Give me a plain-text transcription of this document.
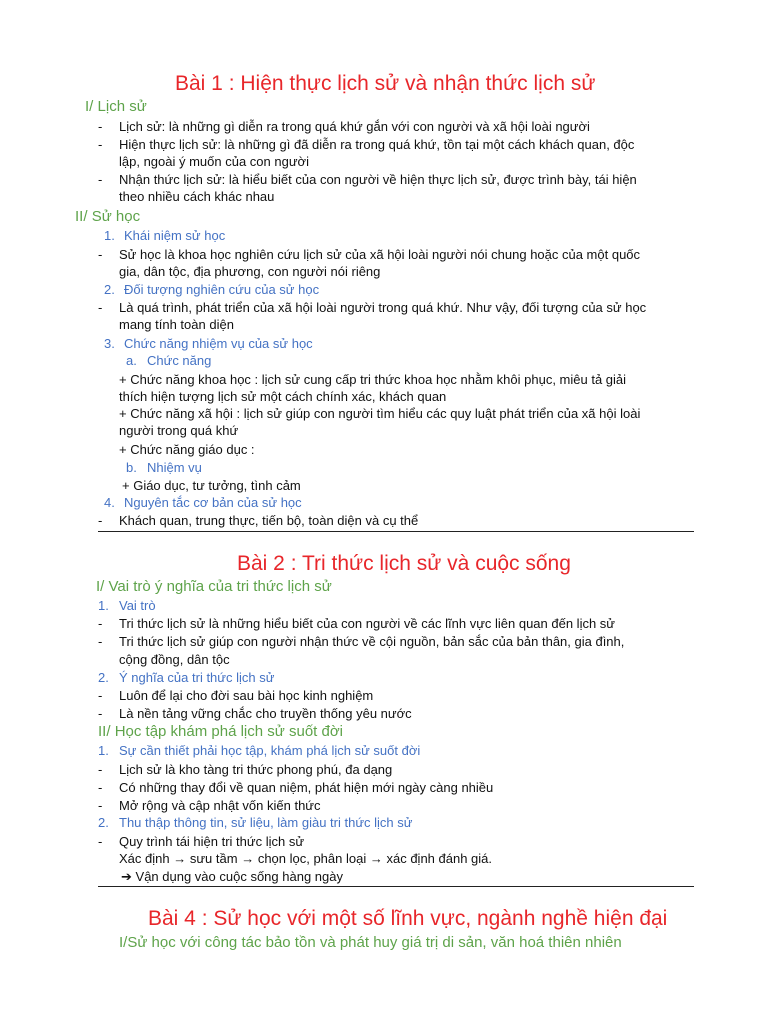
Bài 1 : Hiện thực lịch sử và nhận thức lịch sử
I/ Lịch sử
- Lịch sử: là những gì diễn ra trong quá khứ gắn với con người và xã hội loài người
- Hiện thực lịch sử: là những gì đã diễn ra trong quá khứ, tồn tại một cách khách quan, độc
lập, ngoài ý muốn của con người
- Nhận thức lịch sử: là hiểu biết của con người về hiện thực lịch sử, được trình bày, tái hiện
theo nhiều cách khác nhau
II/ Sử học
1. Khái niệm sử học
- Sử học là khoa học nghiên cứu lịch sử của xã hội loài người nói chung hoặc của một quốc
gia, dân tộc, địa phương, con người nói riêng
2. Đối tượng nghiên cứu của sử học
- Là quá trình, phát triển của xã hội loài người trong quá khứ. Như vậy, đối tượng của sử học
mang tính toàn diện
3. Chức năng nhiệm vụ của sử học
a. Chức năng
+ Chức năng khoa học : lịch sử cung cấp tri thức khoa học nhằm khôi phục, miêu tả giải
thích hiện tượng lịch sử một cách chính xác, khách quan
+ Chức năng xã hội : lịch sử giúp con người tìm hiểu các quy luật phát triển của xã hội loài
người trong quá khứ
+ Chức năng giáo dục :
b. Nhiệm vụ
+ Giáo dục, tư tưởng, tình cảm
4. Nguyên tắc cơ bản của sử học
- Khách quan, trung thực, tiến bộ, toàn diện và cụ thể
Bài 2 : Tri thức lịch sử và cuộc sống
I/ Vai trò ý nghĩa của tri thức lịch sử
1. Vai trò
- Tri thức lịch sử là những hiểu biết của con người về các lĩnh vực liên quan đến lịch sử
- Tri thức lịch sử giúp con người nhận thức về cội nguồn, bản sắc của bản thân, gia đình,
cộng đồng, dân tộc
2. Ý nghĩa của tri thức lịch sử
- Luôn để lại cho đời sau bài học kinh nghiệm
- Là nền tảng vững chắc cho truyền thống yêu nước
II/ Học tập khám phá lịch sử suốt đời
1. Sự cần thiết phải học tập, khám phá lịch sử suốt đời
- Lịch sử là kho tàng tri thức phong phú, đa dạng
- Có những thay đổi về quan niệm, phát hiện mới ngày càng nhiều
- Mở rộng và cập nhật vốn kiến thức
2. Thu thập thông tin, sử liệu, làm giàu tri thức lịch sử
- Quy trình tái hiện tri thức lịch sử
Xác định → sưu tầm → chọn lọc, phân loại → xác định đánh giá.
➔ Vận dụng vào cuộc sống hàng ngày
Bài 4 : Sử học với một số lĩnh vực, ngành nghề hiện đại
I/Sử học với công tác bảo tồn và phát huy giá trị di sản, văn hoá thiên nhiên
